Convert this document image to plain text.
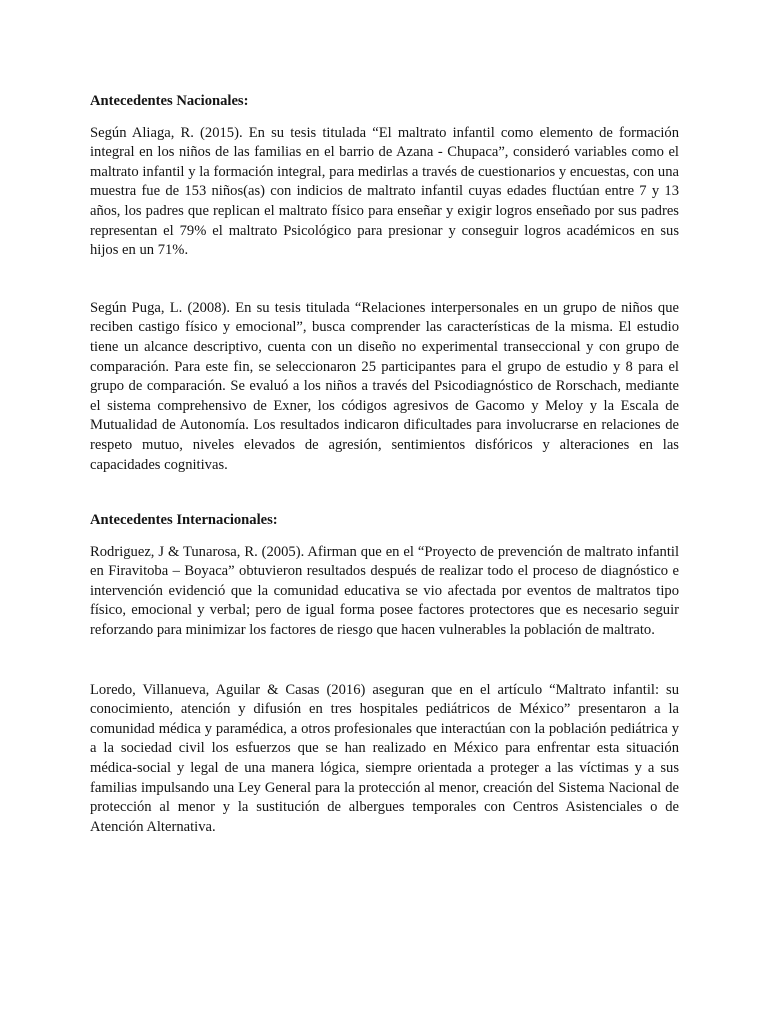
Antecedentes Nacionales:

Según Aliaga, R. (2015). En su tesis titulada “El maltrato infantil como elemento de formación integral en los niños de las familias en el barrio de Azana - Chupaca”, consideró variables como el maltrato infantil y la formación integral, para medirlas a través de cuestionarios y encuestas, con una muestra fue de 153 niños(as) con indicios de maltrato infantil cuyas edades fluctúan entre 7 y 13 años, los padres que replican el maltrato físico para enseñar y exigir logros enseñado por sus padres representan el 79% el maltrato Psicológico para presionar y conseguir logros académicos en sus hijos en un 71%.

Según Puga, L. (2008). En su tesis titulada “Relaciones interpersonales en un grupo de niños que reciben castigo físico y emocional”, busca comprender las características de la misma. El estudio tiene un alcance descriptivo, cuenta con un diseño no experimental transeccional y con grupo de comparación. Para este fin, se seleccionaron 25 participantes para el grupo de estudio y 8 para el grupo de comparación. Se evaluó a los niños a través del Psicodiagnóstico de Rorschach, mediante el sistema comprehensivo de Exner, los códigos agresivos de Gacomo y Meloy y la Escala de Mutualidad de Autonomía. Los resultados indicaron dificultades para involucrarse en relaciones de respeto mutuo, niveles elevados de agresión, sentimientos disfóricos y alteraciones en las capacidades cognitivas.

Antecedentes Internacionales:

Rodriguez, J & Tunarosa, R. (2005). Afirman que en el “Proyecto de prevención de maltrato infantil en Firavitoba – Boyaca” obtuvieron resultados después de realizar todo el proceso de diagnóstico e intervención evidenció que la comunidad educativa se vio afectada por eventos de maltratos tipo físico, emocional y verbal; pero de igual forma posee factores protectores que es necesario seguir reforzando para minimizar los factores de riesgo que hacen vulnerables la población de maltrato.

Loredo, Villanueva, Aguilar & Casas (2016) aseguran que en el artículo “Maltrato infantil: su conocimiento, atención y difusión en tres hospitales pediátricos de México” presentaron a la comunidad médica y paramédica, a otros profesionales que interactúan con la población pediátrica y a la sociedad civil los esfuerzos que se han realizado en México para enfrentar esta situación médica-social y legal de una manera lógica, siempre orientada a proteger a las víctimas y a sus familias impulsando una Ley General para la protección al menor, creación del Sistema Nacional de protección al menor y la sustitución de albergues temporales con Centros Asistenciales o de Atención Alternativa.
